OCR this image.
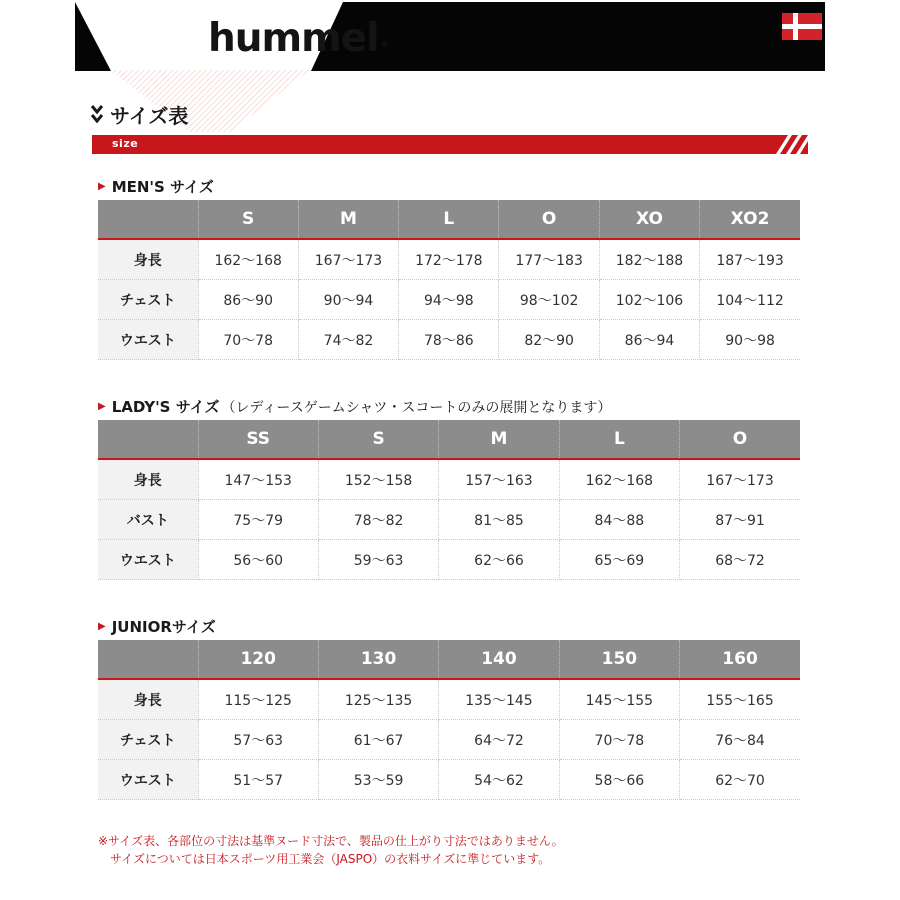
hummel ®
サイズ表
size
▶ MEN'S サイズ
	S	M	L	O	XO	XO2
身長	162～168	167～173	172～178	177～183	182～188	187～193
チェスト	86～90	90～94	94～98	98～102	102～106	104～112
ウエスト	70～78	74～82	78～86	82～90	86～94	90～98
▶ LADY'S サイズ （レディースゲームシャツ・スコートのみの展開となります）
	SS	S	M	L	O
身長	147～153	152～158	157～163	162～168	167～173
バスト	75～79	78～82	81～85	84～88	87～91
ウエスト	56～60	59～63	62～66	65～69	68～72
▶ JUNIORサイズ
	120	130	140	150	160
身長	115～125	125～135	135～145	145～155	155～165
チェスト	57～63	61～67	64～72	70～78	76～84
ウエスト	51～57	53～59	54～62	58～66	62～70
※サイズ表、各部位の寸法は基準ヌード寸法で、製品の仕上がり寸法ではありません。
サイズについては日本スポーツ用工業会（JASPO）の衣料サイズに準じています。
